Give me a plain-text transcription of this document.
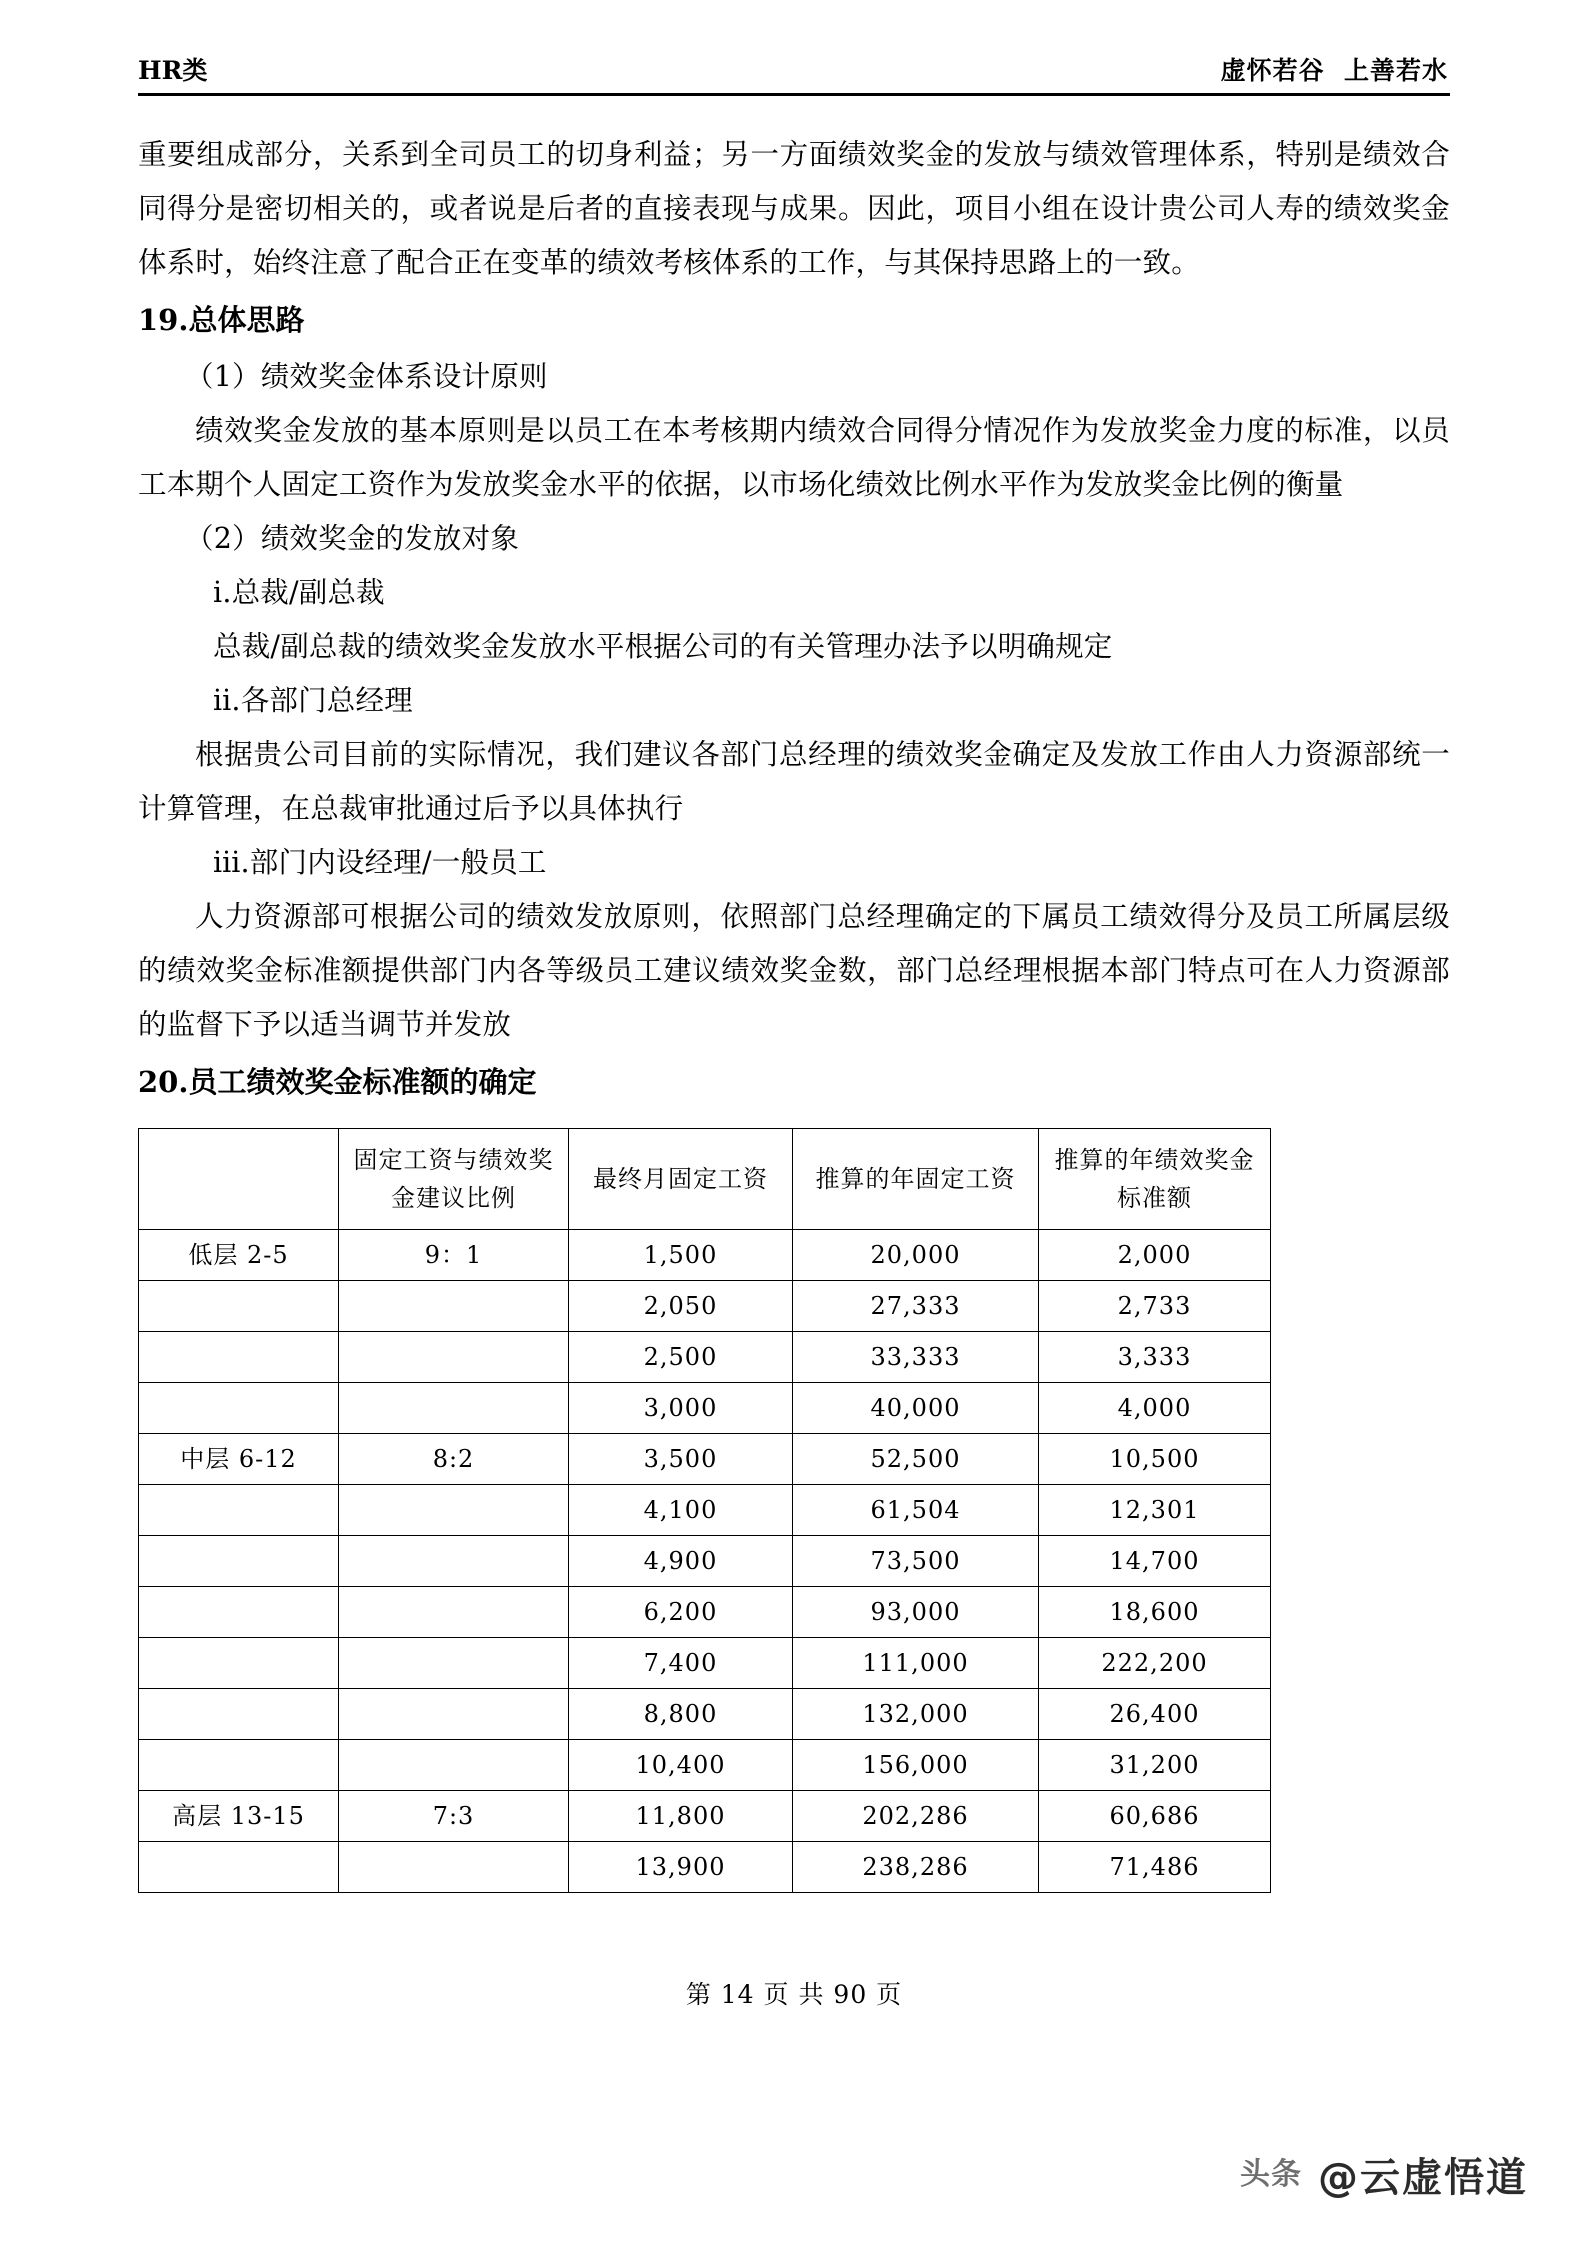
HR类	虚怀若谷  上善若水

重要组成部分，关系到全司员工的切身利益；另一方面绩效奖金的发放与绩效管理体系，特别是绩效合同得分是密切相关的，或者说是后者的直接表现与成果。因此，项目小组在设计贵公司人寿的绩效奖金体系时，始终注意了配合正在变革的绩效考核体系的工作，与其保持思路上的一致。

19.总体思路

（1）绩效奖金体系设计原则

绩效奖金发放的基本原则是以员工在本考核期内绩效合同得分情况作为发放奖金力度的标准，以员工本期个人固定工资作为发放奖金水平的依据，以市场化绩效比例水平作为发放奖金比例的衡量

（2）绩效奖金的发放对象

ⅰ.总裁/副总裁

总裁/副总裁的绩效奖金发放水平根据公司的有关管理办法予以明确规定

ⅱ.各部门总经理

根据贵公司目前的实际情况，我们建议各部门总经理的绩效奖金确定及发放工作由人力资源部统一计算管理，在总裁审批通过后予以具体执行

ⅲ.部门内设经理/一般员工

人力资源部可根据公司的绩效发放原则，依照部门总经理确定的下属员工绩效得分及员工所属层级的绩效奖金标准额提供部门内各等级员工建议绩效奖金数，部门总经理根据本部门特点可在人力资源部的监督下予以适当调节并发放

20.员工绩效奖金标准额的确定
	固定工资与绩效奖金建议比例	最终月固定工资	推算的年固定工资	推算的年绩效奖金标准额
低层 2-5	9：1	1,500	20,000	2,000
		2,050	27,333	2,733
		2,500	33,333	3,333
		3,000	40,000	4,000
中层 6-12	8:2	3,500	52,500	10,500
		4,100	61,504	12,301
		4,900	73,500	14,700
		6,200	93,000	18,600
		7,400	111,000	222,200
		8,800	132,000	26,400
		10,400	156,000	31,200
高层 13-15	7:3	11,800	202,286	60,686
		13,900	238,286	71,486
第 14 页 共 90 页
头条 @云虚悟道
